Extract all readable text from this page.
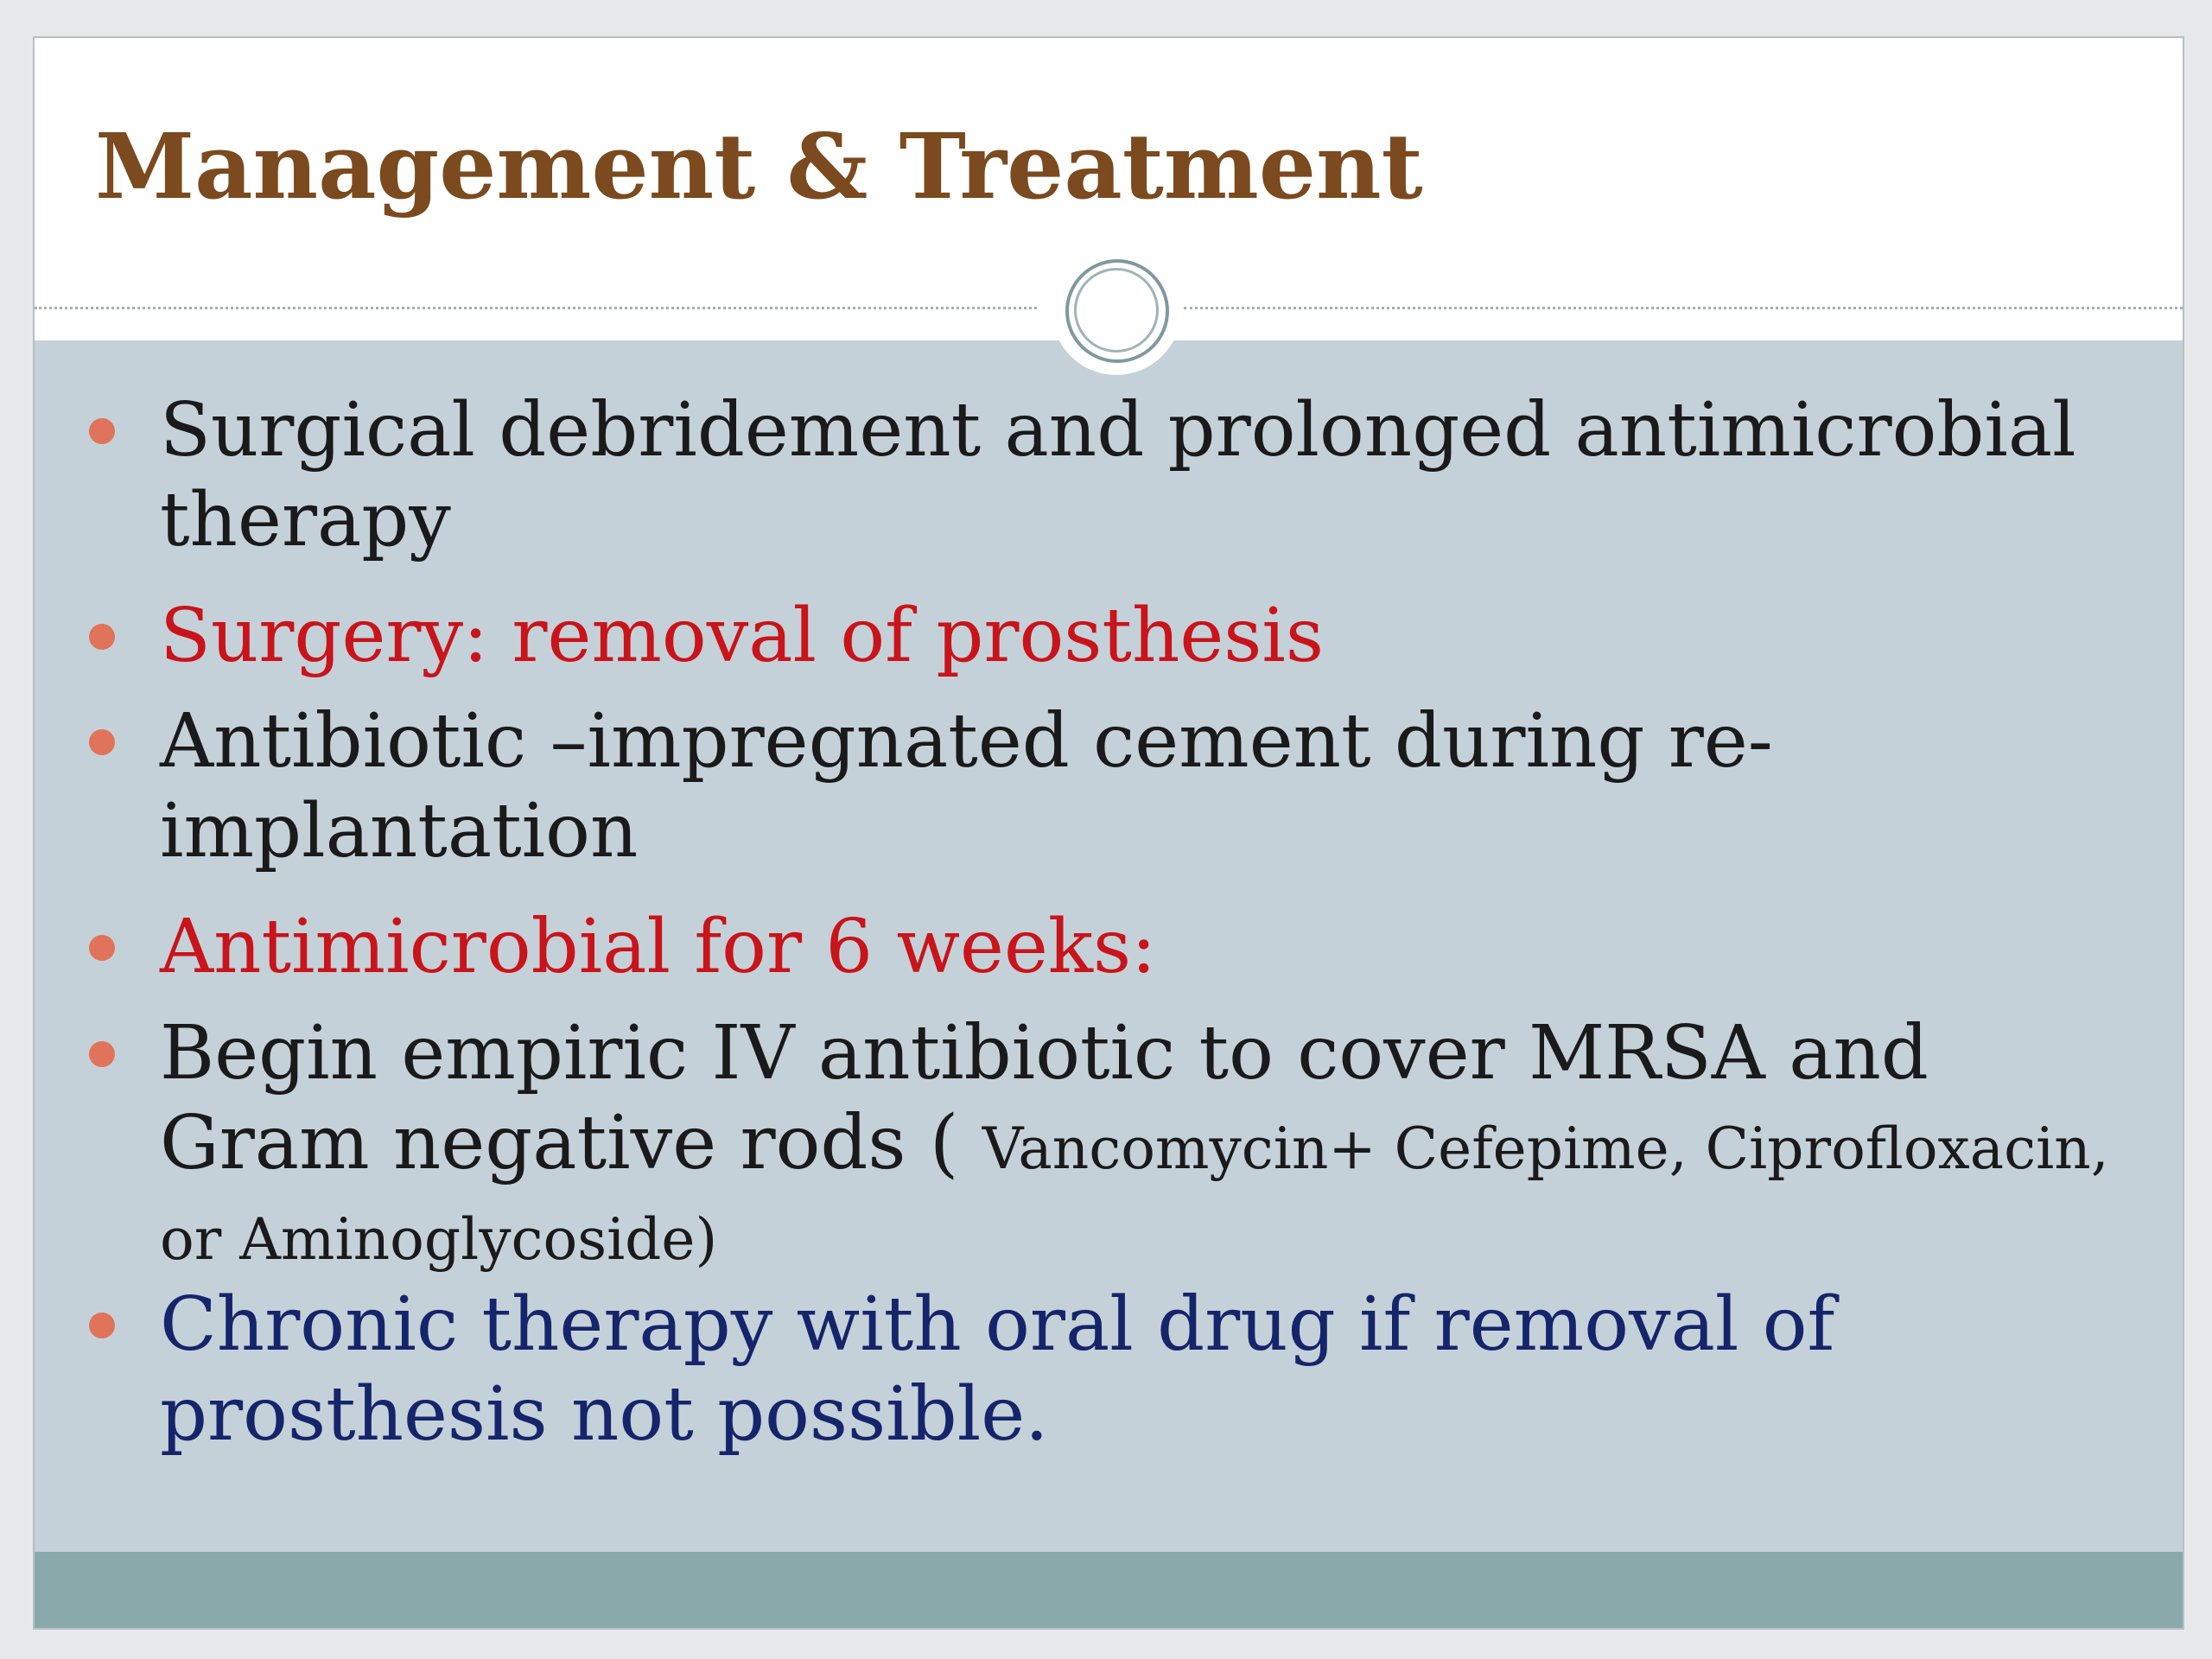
Management & Treatment
Surgical debridement and prolonged antimicrobial therapy
Surgery: removal of prosthesis
Antibiotic –impregnated cement during re-implantation
Antimicrobial for 6 weeks:
Begin empiric IV antibiotic to cover MRSA and Gram negative rods ( Vancomycin+ Cefepime, Ciprofloxacin, or Aminoglycoside)
Chronic therapy with oral drug if removal of prosthesis not possible.
